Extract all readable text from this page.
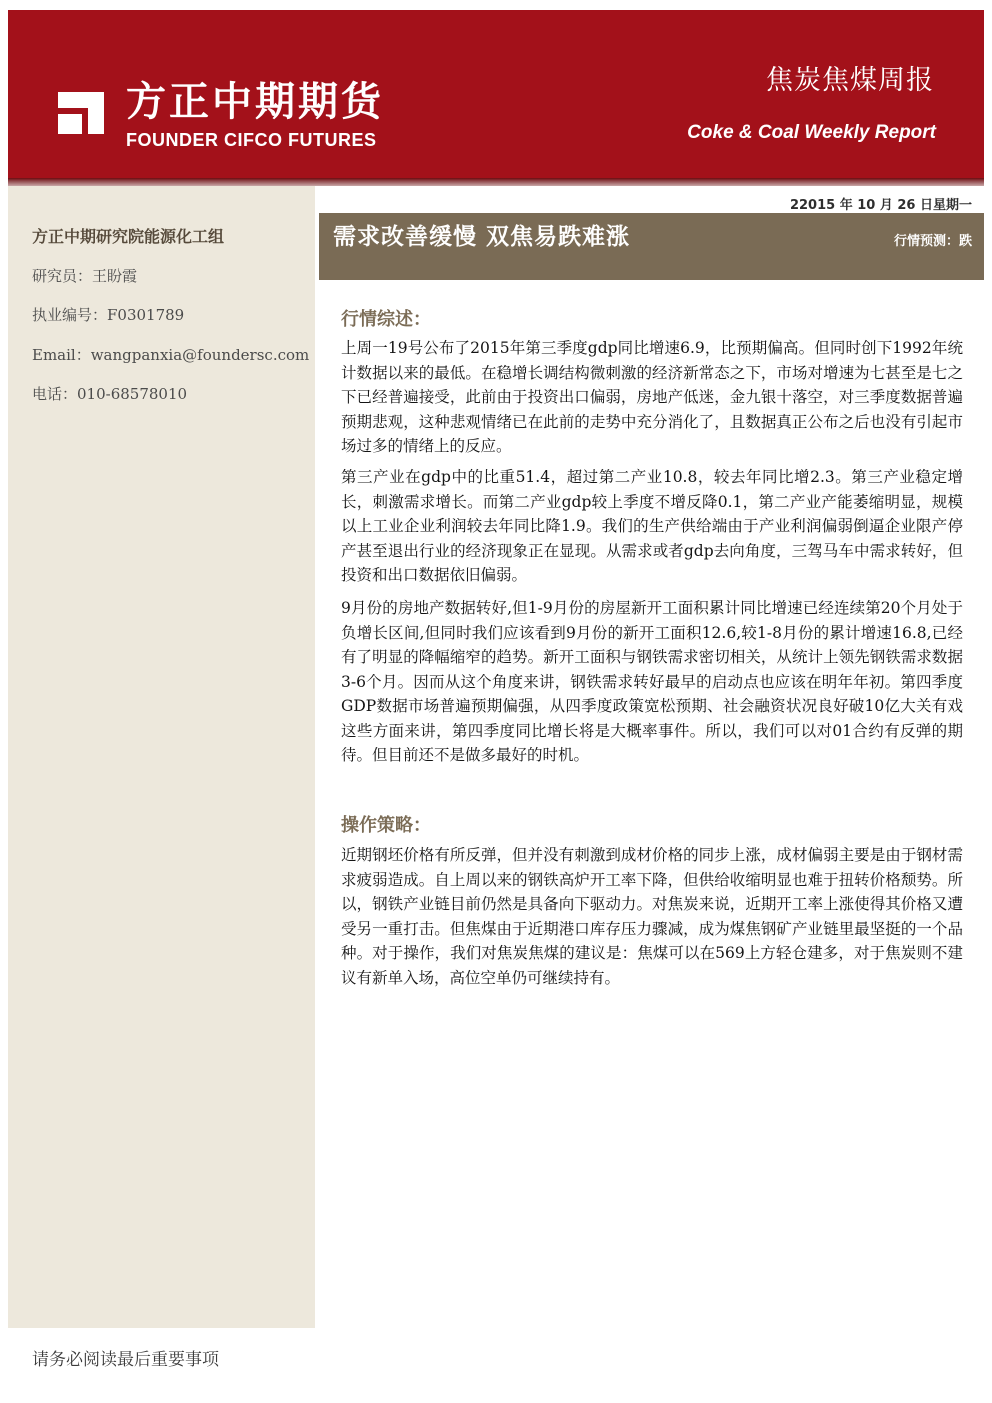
方正中期期货
FOUNDER CIFCO FUTURES
焦炭焦煤周报
Coke & Coal Weekly Report
方正中期研究院能源化工组
研究员：王盼霞
执业编号：F0301789
Email：wangpanxia@foundersc.com
电话：010-68578010
22015 年 10 月 26 日星期一
需求改善缓慢 双焦易跌难涨	行情预测：跌
行情综述：
上周一19号公布了2015年第三季度gdp同比增速6.9，比预期偏高。但同时创下1992年统计数据以来的最低。在稳增长调结构微刺激的经济新常态之下，市场对增速为七甚至是七之下已经普遍接受，此前由于投资出口偏弱，房地产低迷，金九银十落空，对三季度数据普遍预期悲观，这种悲观情绪已在此前的走势中充分消化了，且数据真正公布之后也没有引起市场过多的情绪上的反应。
第三产业在gdp中的比重51.4，超过第二产业10.8，较去年同比增2.3。第三产业稳定增长，刺激需求增长。而第二产业gdp较上季度不增反降0.1，第二产业产能萎缩明显，规模以上工业企业利润较去年同比降1.9。我们的生产供给端由于产业利润偏弱倒逼企业限产停产甚至退出行业的经济现象正在显现。从需求或者gdp去向角度，三驾马车中需求转好，但投资和出口数据依旧偏弱。
9月份的房地产数据转好,但1-9月份的房屋新开工面积累计同比增速已经连续第20个月处于负增长区间,但同时我们应该看到9月份的新开工面积12.6,较1-8月份的累计增速16.8,已经有了明显的降幅缩窄的趋势。新开工面积与钢铁需求密切相关，从统计上领先钢铁需求数据3-6个月。因而从这个角度来讲，钢铁需求转好最早的启动点也应该在明年年初。第四季度GDP数据市场普遍预期偏强，从四季度政策宽松预期、社会融资状况良好破10亿大关有戏这些方面来讲，第四季度同比增长将是大概率事件。所以，我们可以对01合约有反弹的期待。但目前还不是做多最好的时机。
操作策略：
近期钢坯价格有所反弹，但并没有刺激到成材价格的同步上涨，成材偏弱主要是由于钢材需求疲弱造成。自上周以来的钢铁高炉开工率下降，但供给收缩明显也难于扭转价格颓势。所以，钢铁产业链目前仍然是具备向下驱动力。对焦炭来说，近期开工率上涨使得其价格又遭受另一重打击。但焦煤由于近期港口库存压力骤减，成为煤焦钢矿产业链里最坚挺的一个品种。对于操作，我们对焦炭焦煤的建议是：焦煤可以在569上方轻仓建多，对于焦炭则不建议有新单入场，高位空单仍可继续持有。
请务必阅读最后重要事项
